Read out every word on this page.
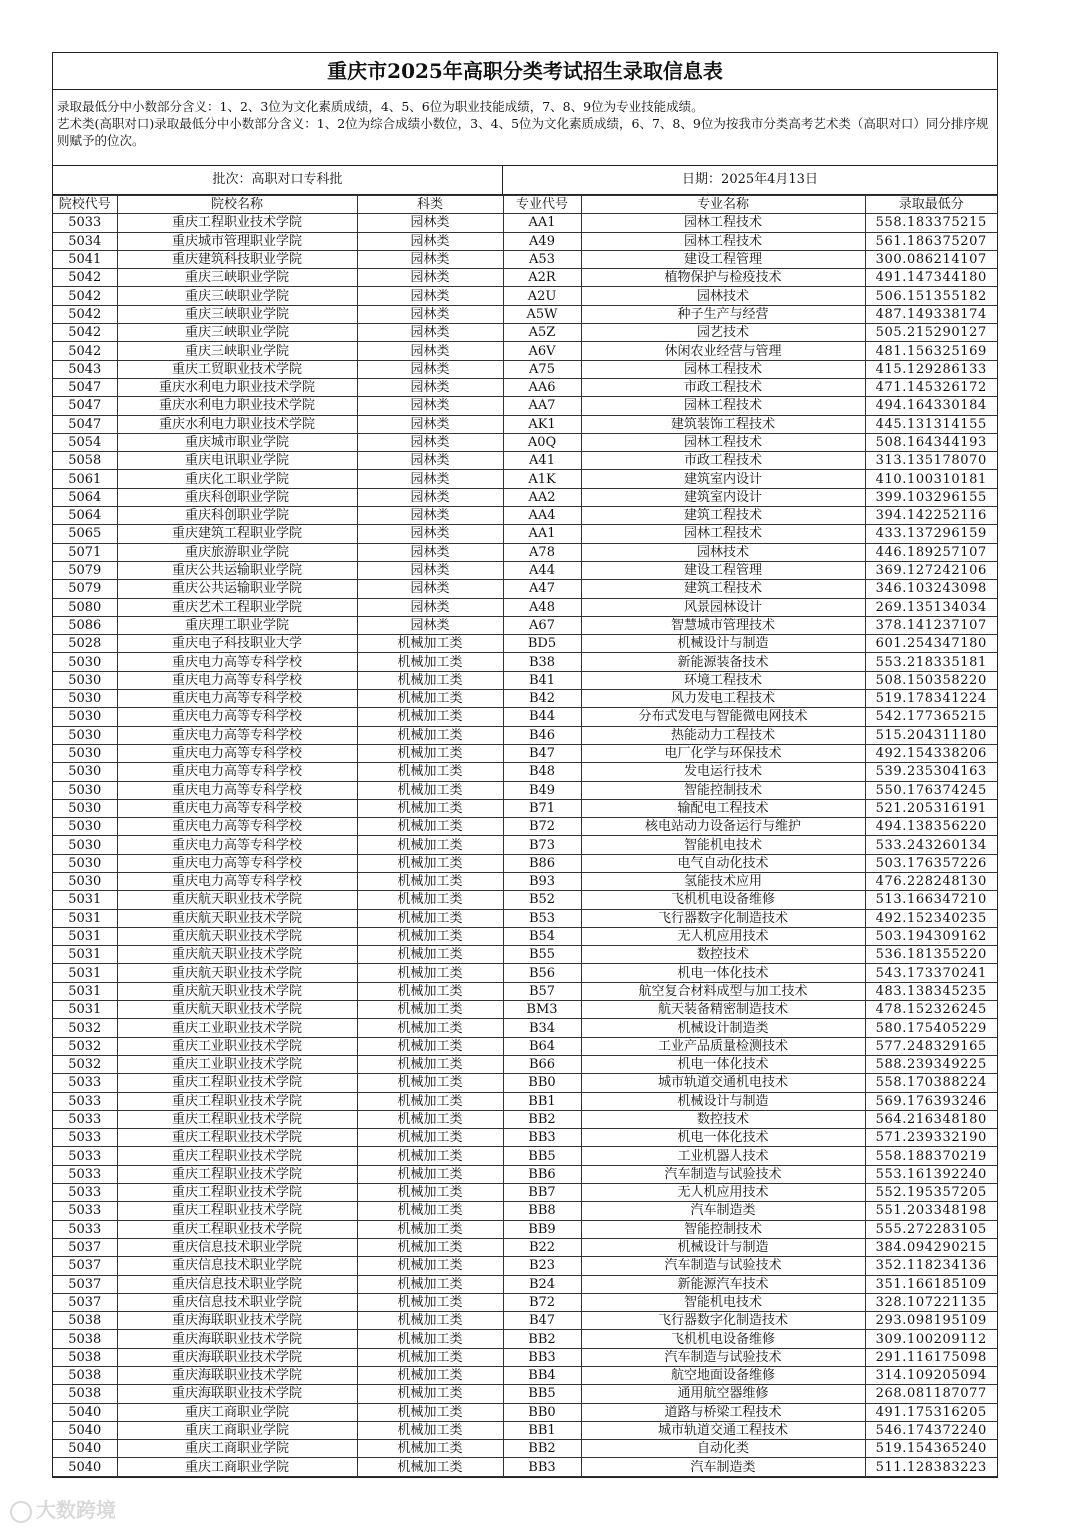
重庆市2025年高职分类考试招生录取信息表
录取最低分中小数部分含义：1、2、3位为文化素质成绩，4、5、6位为职业技能成绩，7、8、9位为专业技能成绩。
艺术类(高职对口)录取最低分中小数部分含义：1、2位为综合成绩小数位，3、4、5位为文化素质成绩，6、7、8、9位为按我市分类高考艺术类（高职对口）同分排序规则赋予的位次。
批次：高职对口专科批	日期：2025年4月13日
院校代号	院校名称	科类	专业代号	专业名称	录取最低分
5033	重庆工程职业技术学院	园林类	AA1	园林工程技术	558.183375215
5034	重庆城市管理职业学院	园林类	A49	园林工程技术	561.186375207
5041	重庆建筑科技职业学院	园林类	A53	建设工程管理	300.086214107
5042	重庆三峡职业学院	园林类	A2R	植物保护与检疫技术	491.147344180
5042	重庆三峡职业学院	园林类	A2U	园林技术	506.151355182
5042	重庆三峡职业学院	园林类	A5W	种子生产与经营	487.149338174
5042	重庆三峡职业学院	园林类	A5Z	园艺技术	505.215290127
5042	重庆三峡职业学院	园林类	A6V	休闲农业经营与管理	481.156325169
5043	重庆工贸职业技术学院	园林类	A75	园林工程技术	415.129286133
5047	重庆水利电力职业技术学院	园林类	AA6	市政工程技术	471.145326172
5047	重庆水利电力职业技术学院	园林类	AA7	园林工程技术	494.164330184
5047	重庆水利电力职业技术学院	园林类	AK1	建筑装饰工程技术	445.131314155
5054	重庆城市职业学院	园林类	A0Q	园林工程技术	508.164344193
5058	重庆电讯职业学院	园林类	A41	市政工程技术	313.135178070
5061	重庆化工职业学院	园林类	A1K	建筑室内设计	410.100310181
5064	重庆科创职业学院	园林类	AA2	建筑室内设计	399.103296155
5064	重庆科创职业学院	园林类	AA4	建筑工程技术	394.142252116
5065	重庆建筑工程职业学院	园林类	AA1	园林工程技术	433.137296159
5071	重庆旅游职业学院	园林类	A78	园林技术	446.189257107
5079	重庆公共运输职业学院	园林类	A44	建设工程管理	369.127242106
5079	重庆公共运输职业学院	园林类	A47	建筑工程技术	346.103243098
5080	重庆艺术工程职业学院	园林类	A48	风景园林设计	269.135134034
5086	重庆理工职业学院	园林类	A67	智慧城市管理技术	378.141237107
5028	重庆电子科技职业大学	机械加工类	BD5	机械设计与制造	601.254347180
5030	重庆电力高等专科学校	机械加工类	B38	新能源装备技术	553.218335181
5030	重庆电力高等专科学校	机械加工类	B41	环境工程技术	508.150358220
5030	重庆电力高等专科学校	机械加工类	B42	风力发电工程技术	519.178341224
5030	重庆电力高等专科学校	机械加工类	B44	分布式发电与智能微电网技术	542.177365215
5030	重庆电力高等专科学校	机械加工类	B46	热能动力工程技术	515.204311180
5030	重庆电力高等专科学校	机械加工类	B47	电厂化学与环保技术	492.154338206
5030	重庆电力高等专科学校	机械加工类	B48	发电运行技术	539.235304163
5030	重庆电力高等专科学校	机械加工类	B49	智能控制技术	550.176374245
5030	重庆电力高等专科学校	机械加工类	B71	输配电工程技术	521.205316191
5030	重庆电力高等专科学校	机械加工类	B72	核电站动力设备运行与维护	494.138356220
5030	重庆电力高等专科学校	机械加工类	B73	智能机电技术	533.243260134
5030	重庆电力高等专科学校	机械加工类	B86	电气自动化技术	503.176357226
5030	重庆电力高等专科学校	机械加工类	B93	氢能技术应用	476.228248130
5031	重庆航天职业技术学院	机械加工类	B52	飞机机电设备维修	513.166347210
5031	重庆航天职业技术学院	机械加工类	B53	飞行器数字化制造技术	492.152340235
5031	重庆航天职业技术学院	机械加工类	B54	无人机应用技术	503.194309162
5031	重庆航天职业技术学院	机械加工类	B55	数控技术	536.181355220
5031	重庆航天职业技术学院	机械加工类	B56	机电一体化技术	543.173370241
5031	重庆航天职业技术学院	机械加工类	B57	航空复合材料成型与加工技术	483.138345235
5031	重庆航天职业技术学院	机械加工类	BM3	航天装备精密制造技术	478.152326245
5032	重庆工业职业技术学院	机械加工类	B34	机械设计制造类	580.175405229
5032	重庆工业职业技术学院	机械加工类	B64	工业产品质量检测技术	577.248329165
5032	重庆工业职业技术学院	机械加工类	B66	机电一体化技术	588.239349225
5033	重庆工程职业技术学院	机械加工类	BB0	城市轨道交通机电技术	558.170388224
5033	重庆工程职业技术学院	机械加工类	BB1	机械设计与制造	569.176393246
5033	重庆工程职业技术学院	机械加工类	BB2	数控技术	564.216348180
5033	重庆工程职业技术学院	机械加工类	BB3	机电一体化技术	571.239332190
5033	重庆工程职业技术学院	机械加工类	BB5	工业机器人技术	558.188370219
5033	重庆工程职业技术学院	机械加工类	BB6	汽车制造与试验技术	553.161392240
5033	重庆工程职业技术学院	机械加工类	BB7	无人机应用技术	552.195357205
5033	重庆工程职业技术学院	机械加工类	BB8	汽车制造类	551.203348198
5033	重庆工程职业技术学院	机械加工类	BB9	智能控制技术	555.272283105
5037	重庆信息技术职业学院	机械加工类	B22	机械设计与制造	384.094290215
5037	重庆信息技术职业学院	机械加工类	B23	汽车制造与试验技术	352.118234136
5037	重庆信息技术职业学院	机械加工类	B24	新能源汽车技术	351.166185109
5037	重庆信息技术职业学院	机械加工类	B72	智能机电技术	328.107221135
5038	重庆海联职业技术学院	机械加工类	B47	飞行器数字化制造技术	293.098195109
5038	重庆海联职业技术学院	机械加工类	BB2	飞机机电设备维修	309.100209112
5038	重庆海联职业技术学院	机械加工类	BB3	汽车制造与试验技术	291.116175098
5038	重庆海联职业技术学院	机械加工类	BB4	航空地面设备维修	314.109205094
5038	重庆海联职业技术学院	机械加工类	BB5	通用航空器维修	268.081187077
5040	重庆工商职业学院	机械加工类	BB0	道路与桥梁工程技术	491.175316205
5040	重庆工商职业学院	机械加工类	BB1	城市轨道交通工程技术	546.174372240
5040	重庆工商职业学院	机械加工类	BB2	自动化类	519.154365240
5040	重庆工商职业学院	机械加工类	BB3	汽车制造类	511.128383223
大数跨境
